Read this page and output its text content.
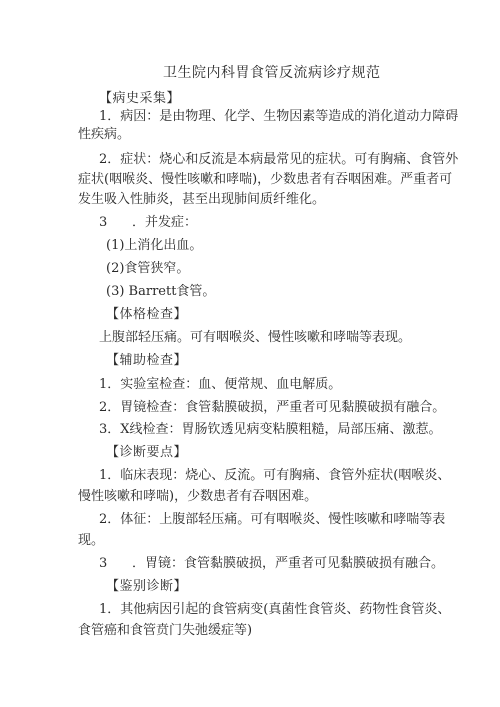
卫生院内科胃食管反流病诊疗规范
【病史采集】
1．病因：是由物理、化学、生物因素等造成的消化道动力障碍
性疾病。
2．症状：烧心和反流是本病最常见的症状。可有胸痛、食管外
症状(咽喉炎、慢性咳嗽和哮喘)，少数患者有吞咽困难。严重者可
发生吸入性肺炎，甚至出现肺间质纤维化。
3 ．并发症：
(1)上消化出血。
(2)食管狭窄。
(3) Barrett食管。
【体格检查】
上腹部轻压痛。可有咽喉炎、慢性咳嗽和哮喘等表现。
【辅助检查】
1．实验室检查：血、便常规、血电解质。
2．胃镜检查：食管黏膜破损，严重者可见黏膜破损有融合。
3．X线检查：胃肠钦透见病变粘膜粗糙，局部压痛、激惹。
【诊断要点】
1．临床表现：烧心、反流。可有胸痛、食管外症状(咽喉炎、
慢性咳嗽和哮喘)，少数患者有吞咽困难。
2．体征：上腹部轻压痛。可有咽喉炎、慢性咳嗽和哮喘等表
现。
3 ．胃镜：食管黏膜破损，严重者可见黏膜破损有融合。
【鉴别诊断】
1．其他病因引起的食管病变(真菌性食管炎、药物性食管炎、
食管癌和食管贲门失弛缓症等)
